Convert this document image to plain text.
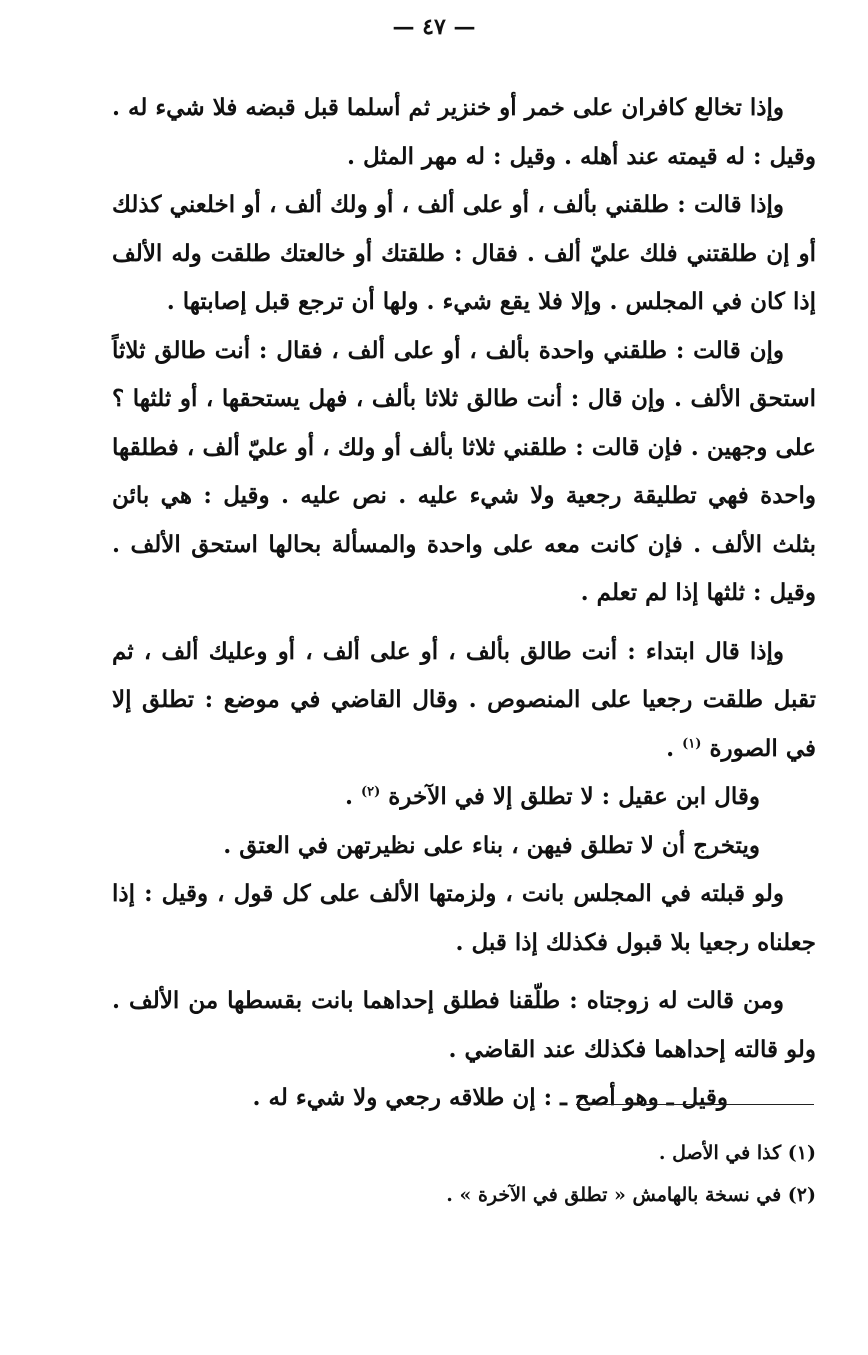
— ٤٧ —

وإذا تخالع كافران على خمر أو خنزير ثم أسلما قبل قبضه فلا شيء له . وقيل : له قيمته عند أهله . وقيل : له مهر المثل .

وإذا قالت : طلقني بألف ، أو على ألف ، أو ولك ألف ، أو اخلعني كذلك أو إن طلقتني فلك عليّ ألف . فقال : طلقتك أو خالعتك طلقت وله الألف إذا كان في المجلس . وإلا فلا يقع شيء . ولها أن ترجع قبل إصابتها .

وإن قالت : طلقني واحدة بألف ، أو على ألف ، فقال : أنت طالق ثلاثاً استحق الألف . وإن قال : أنت طالق ثلاثا بألف ، فهل يستحقها ، أو ثلثها ؟ على وجهين . فإن قالت : طلقني ثلاثا بألف أو ولك ، أو عليّ ألف ، فطلقها واحدة فهي تطليقة رجعية ولا شيء عليه . نص عليه . وقيل : هي بائن بثلث الألف . فإن كانت معه على واحدة والمسألة بحالها استحق الألف . وقيل : ثلثها إذا لم تعلم .

وإذا قال ابتداء : أنت طالق بألف ، أو على ألف ، أو وعليك ألف ، ثم تقبل طلقت رجعيا على المنصوص . وقال القاضي في موضع : تطلق إلا في الصورة $^{(١)}$ .

وقال ابن عقيل : لا تطلق إلا في الآخرة $^{(٢)}$ .

ويتخرج أن لا تطلق فيهن ، بناء على نظيرتهن في العتق .

ولو قبلته في المجلس بانت ، ولزمتها الألف على كل قول ، وقيل : إذا جعلناه رجعيا بلا قبول فكذلك إذا قبل .

ومن قالت له زوجتاه : طلّقنا فطلق إحداهما بانت بقسطها من الألف . ولو قالته إحداهما فكذلك عند القاضي .

وقيل ـ وهو أصح ـ : إن طلاقه رجعي ولا شيء له .

(١) كذا في الأصل .
(٢) في نسخة بالهامش « تطلق في الآخرة » .
